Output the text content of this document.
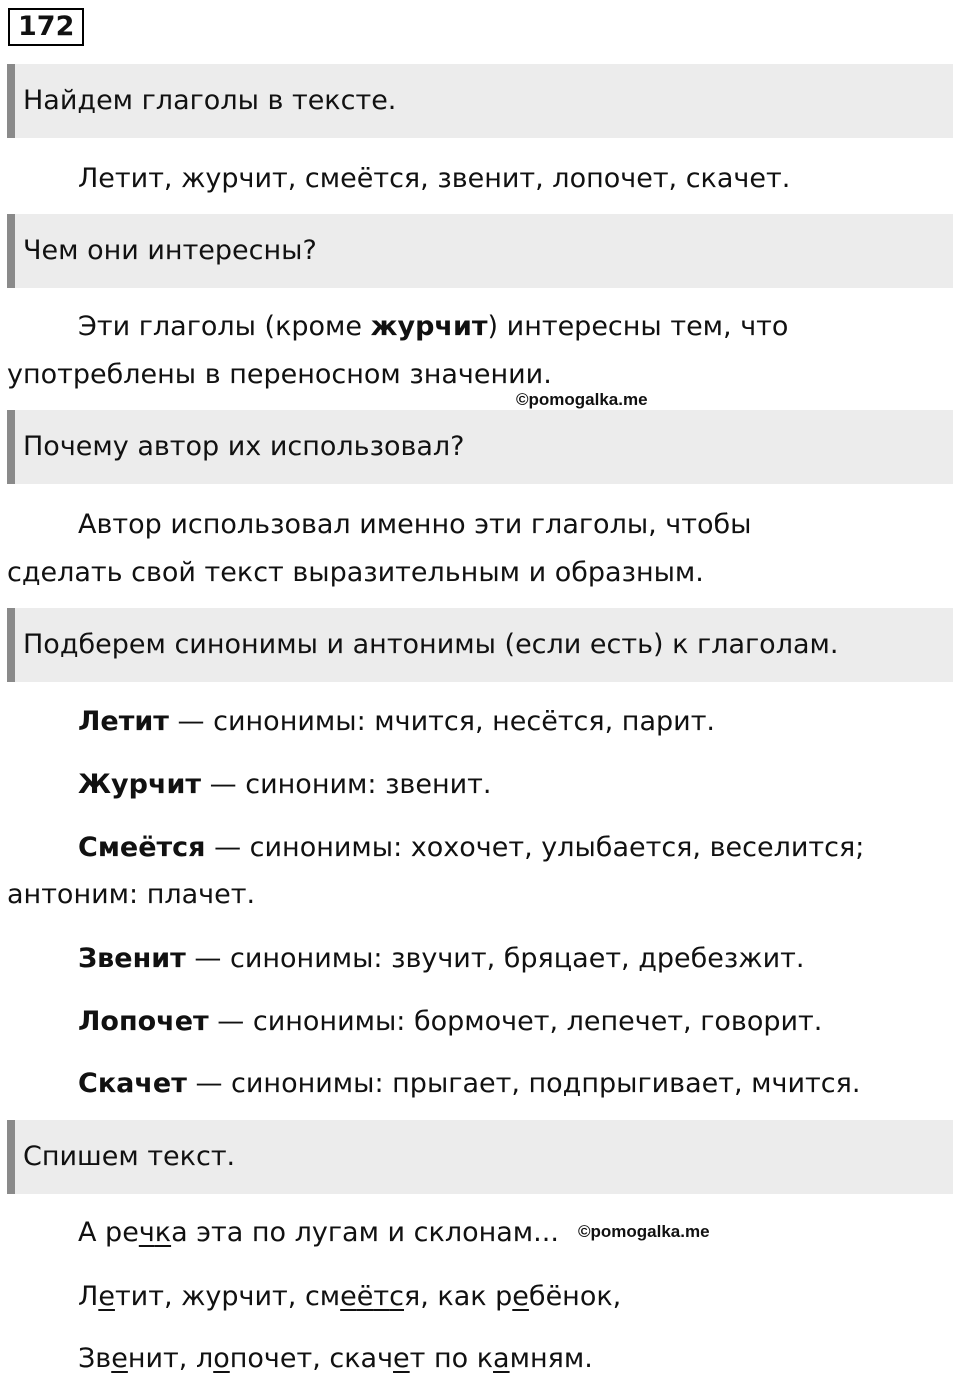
172
Найдем глаголы в тексте.
Летит, журчит, смеётся, звенит, лопочет, скачет.
Чем они интересны?
Эти глаголы (кроме журчит) интересны тем, что
употреблены в переносном значении.
©pomogalka.me
Почему автор их использовал?
Автор использовал именно эти глаголы, чтобы
сделать свой текст выразительным и образным.
Подберем синонимы и антонимы (если есть) к глаголам.
Летит — синонимы: мчится, несётся, парит.
Журчит — синоним: звенит.
Смеётся — синонимы: хохочет, улыбается, веселится;
антоним: плачет.
Звенит — синонимы: звучит, бряцает, дребезжит.
Лопочет — синонимы: бормочет, лепечет, говорит.
Скачет — синонимы: прыгает, подпрыгивает, мчится.
Спишем текст.
А речка эта по лугам и склонам... ©pomogalka.me
Летит, журчит, смеётся, как ребёнок,
Звенит, лопочет, скачет по камням.
